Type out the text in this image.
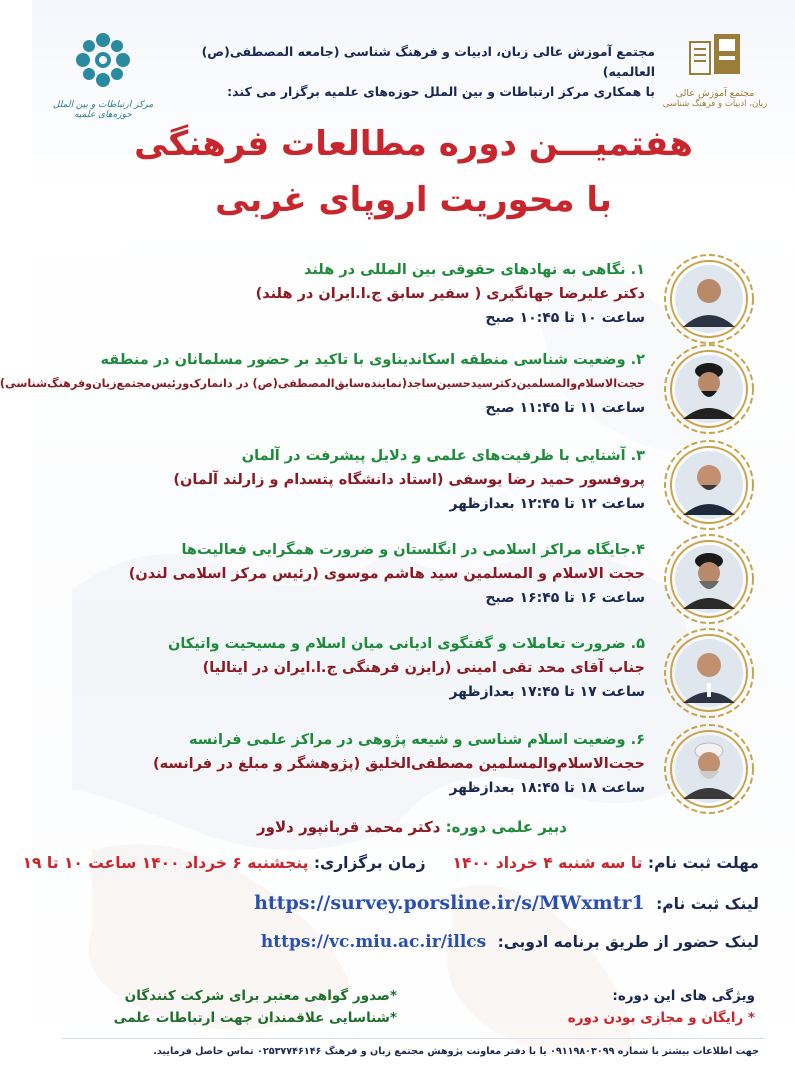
مرکز ارتباطات و بین الملل حوزه‌های علمیه
مجتمع آموزش عالی زبان، ادبیات و فرهنگ شناسی (جامعه المصطفی(ص) العالمیه)
با همکاری مرکز ارتباطات و بین الملل حوزه‌های علمیه برگزار می کند:	مجتمع آموزش عالی
زبان، ادبیات و فرهنگ شناسی
هفتمیـــن دوره مطالعات فرهنگی
با محوریت اروپای غربی
۱. نگاهی به نهادهای حقوقی بین المللی در هلند
دکتر علیرضا جهانگیری ( سفیر سابق ج.ا.ایران در هلند)
ساعت ۱۰ تا ۱۰:۴۵ صبح
۲. وضعیت شناسی منطقه اسکاندیناوی با تاکید بر حضور مسلمانان در منطقه
حجت‌الاسلام‌والمسلمین‌دکتر‌سید‌حسین‌ساجد(نماینده‌سابق‌المصطفی(ص) در دانمارک‌و‌رئیس‌مجتمع‌زبان‌و‌فرهنگ‌شناسی)
ساعت ۱۱ تا ۱۱:۴۵ صبح
۳. آشنایی با ظرفیت‌های علمی و دلایل پیشرفت در آلمان
پروفسور حمید رضا یوسفی (استاد دانشگاه پتسدام و زارلند آلمان)
ساعت ۱۲ تا ۱۲:۴۵ بعدازظهر
۴.جایگاه مراکز اسلامی در انگلستان و ضرورت همگرایی فعالیت‌ها
حجت الاسلام و المسلمین سید هاشم موسوی (رئیس مرکز اسلامی لندن)
ساعت ۱۶ تا ۱۶:۴۵ صبح
۵. ضرورت تعاملات و گفتگوی ادیانی میان اسلام و مسیحیت واتیکان
جناب آقای محد تقی امینی (رایزن فرهنگی ج.ا.ایران در ایتالیا)
ساعت ۱۷ تا ۱۷:۴۵ بعدازظهر
۶. وضعیت اسلام شناسی و شیعه پژوهی در مراکز علمی فرانسه
حجت‌الاسلام‌و‌المسلمین مصطفی‌الخلیق (پژوهشگر و مبلغ در فرانسه)
ساعت ۱۸ تا ۱۸:۴۵ بعدازظهر
دبیر علمی دوره: دکتر محمد قربانپور دلاور
مهلت ثبت نام: تا سه شنبه ۴ خرداد ۱۴۰۰     زمان برگزاری: پنجشنبه ۶ خرداد ۱۴۰۰ ساعت ۱۰ تا ۱۹
لینک ثبت نام: https://survey.porsline.ir/s/MWxmtr1
لینک حضور از طریق برنامه ادوبی: https://vc.miu.ac.ir/illcs
ویژگی های این دوره:
* رایگان و مجازی بودن دوره
*صدور گواهی معتبر برای شرکت کنندگان
*شناسایی علاقمندان جهت ارتباطات علمی
جهت اطلاعات بیشتر با شماره ۰۹۱۱۹۸۰۳۰۹۹ یا با دفتر معاونت پژوهش مجتمع زبان و فرهنگ ۰۲۵۳۷۷۴۶۱۴۶ تماس حاصل فرمایید.
